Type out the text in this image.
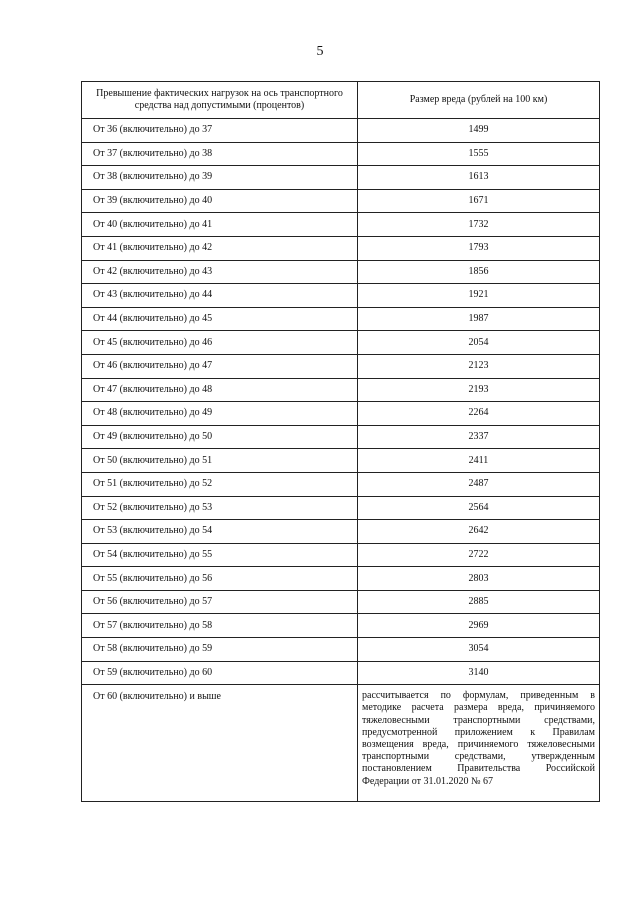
5
Превышение фактических нагрузок на ось транспортного средства над допустимыми (процентов)	Размер вреда (рублей на 100 км)
От 36 (включительно) до 37	1499
От 37 (включительно) до 38	1555
От 38 (включительно) до 39	1613
От 39 (включительно) до 40	1671
От 40 (включительно) до 41	1732
От 41 (включительно) до 42	1793
От 42 (включительно) до 43	1856
От 43 (включительно) до 44	1921
От 44 (включительно) до 45	1987
От 45 (включительно) до 46	2054
От 46 (включительно) до 47	2123
От 47 (включительно) до 48	2193
От 48 (включительно) до 49	2264
От 49 (включительно) до 50	2337
От 50 (включительно) до 51	2411
От 51 (включительно) до 52	2487
От 52 (включительно) до 53	2564
От 53 (включительно) до 54	2642
От 54 (включительно) до 55	2722
От 55 (включительно) до 56	2803
От 56 (включительно) до 57	2885
От 57 (включительно) до 58	2969
От 58 (включительно) до 59	3054
От 59 (включительно) до 60	3140
От 60 (включительно) и выше	рассчитывается по формулам, приведенным в методике расчета размера вреда, причиняемого тяжеловесными транспортными средствами, предусмотренной приложением к Правилам возмещения вреда, причиняемого тяжеловесными транспортными средствами, утвержденным постановлением Правительства Российской Федерации от 31.01.2020 № 67
